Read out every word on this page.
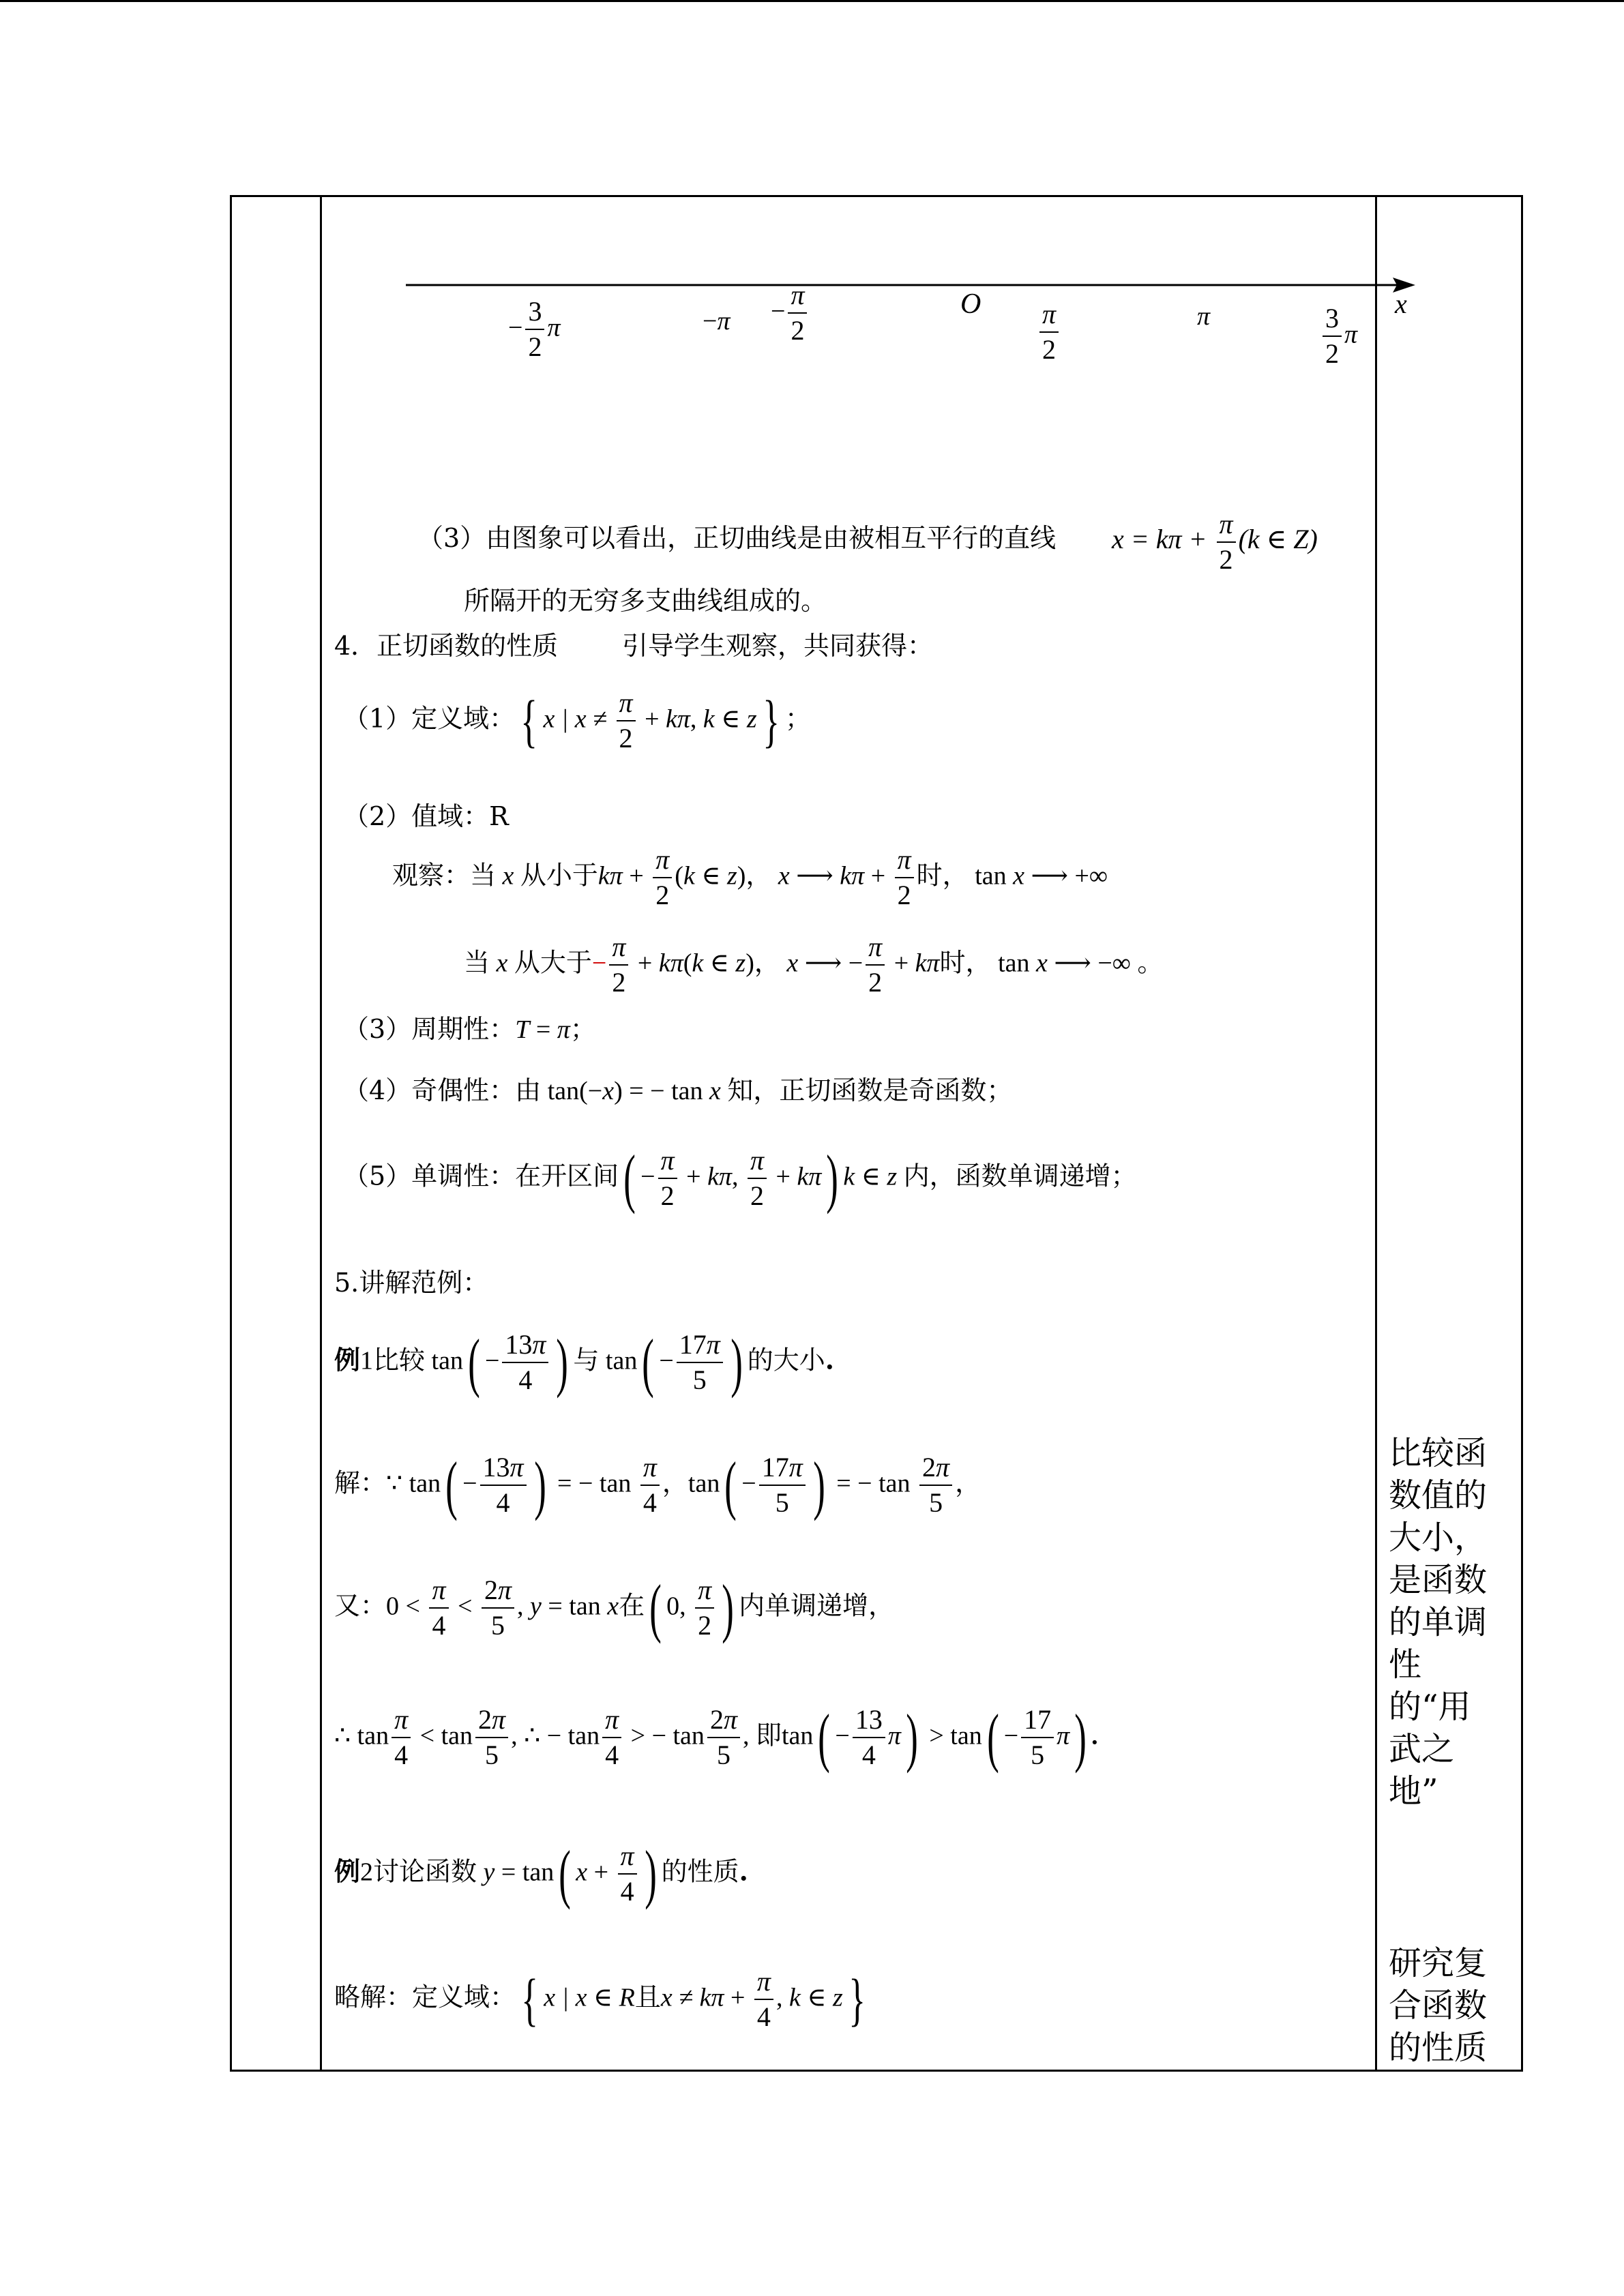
x
O
− $\frac{3}{2}$ π	$-\pi - \frac{\pi}{2}$	$\frac{\pi}{2}$	π	$\frac{3}{2}$ π
（3）由图象可以看出，正切曲线是由被相互平行的直线 $x = k\pi + \frac{\pi}{2} (k$ ∈ Z)
所隔开的无穷多支曲线组成的。
4．正切函数的性质 引导学生观察，共同获得：
（1）定义域：{ x | $x \ne \frac{\pi}{2} + k\pi$, k ∈ z} ；
（2）值域：R
观察：当 x 从小于$k\pi + \frac{\pi}{2} (k$ ∈ z)， x ⟶ $k\pi + \frac{\pi}{2}$ 时， tan x ⟶ +∞
当 x 从大于− $\frac{\pi}{2} + k\pi(k$ ∈ z)， x ⟶ − $\frac{\pi}{2} + k\pi$时， tan x ⟶ −∞ 。
（3）周期性：T = π；
（4）奇偶性：由 tan(−x) = − tan x 知，正切函数是奇函数；
（5）单调性：在开区间( − $\frac{\pi}{2} + k\pi$, $\frac{\pi}{2} + k\pi$) k ∈ z 内，函数单调递增；
5.讲解范例：
例1比较 $\tan( - \frac{13\pi}{4}$ ) 与 $\tan( - \frac{17\pi}{5}$ ) 的大小.
解：∵ $\tan( - \frac{13\pi}{4}$ ) = − $\tan \frac{\pi}{4}$ ，$\tan( - \frac{17\pi}{5}$ ) = − $\tan \frac{2\pi}{5}$ ，
又：$0 < \frac{\pi}{4} < \frac{2\pi}{5}$ , y = tan x在( 0, $\frac{\pi}{2}$ ) 内单调递增，
∴ $\tan \frac{\pi}{4} < \tan \frac{2\pi}{5}$ , ∴ − $\tan \frac{\pi}{4}$ > − $\tan \frac{2\pi}{5}$ , 即$\tan( - \frac{13}{4} \pi) > \tan( - \frac{17}{5} \pi)$ .
例2讨论函数 y = tan( $x + \frac{\pi}{4}$ ) 的性质.
略解：定义域：{ x | x ∈ R且$x \ne k\pi + \frac{\pi}{4}$ , k ∈ z}
比较函数值的大小，是函数的单调性的“用武之地”
研究复合函数的性质
